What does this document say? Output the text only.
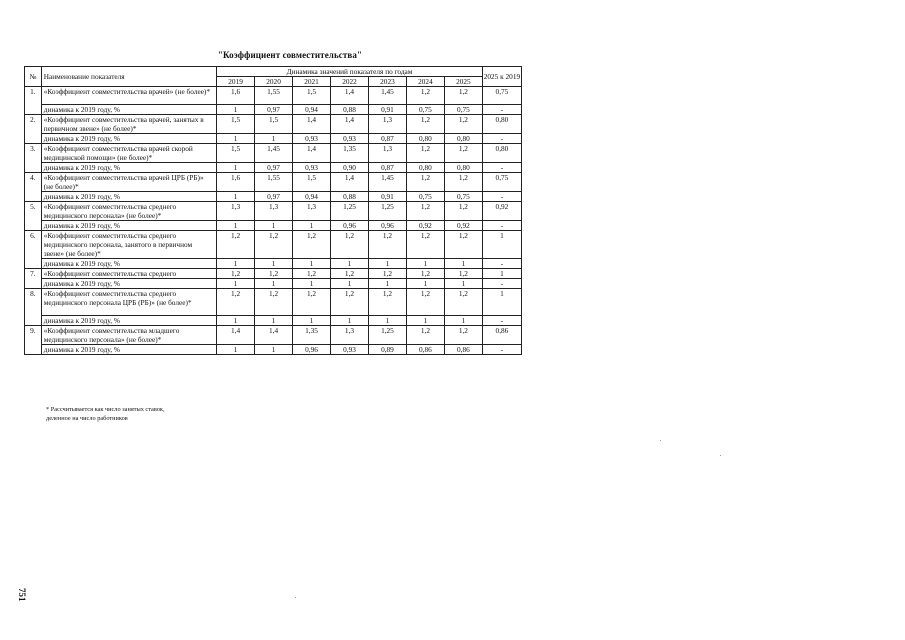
"Коэффициент совместительства"
№	Наименование показателя	Динамика значений показателя по годам							2025 к 2019
		2019	2020	2021	2022	2023	2024	2025	
1.	«Коэффициент совместительства врачей» (не более)*	1,6	1,55	1,5	1,4	1,45	1,2	1,2	0,75
	динамика к 2019 году, %	1	0,97	0,94	0,88	0,91	0,75	0,75	-
2.	«Коэффициент совместительства врачей, занятых в первичном звене» (не более)*	1,5	1,5	1,4	1,4	1,3	1,2	1,2	0,80
	динамика к 2019 году, %	1	1	0,93	0,93	0,87	0,80	0,80	-
3.	«Коэффициент совместительства врачей скорой медицинской помощи» (не более)*	1,5	1,45	1,4	1,35	1,3	1,2	1,2	0,80
	динамика к 2019 году, %	1	0,97	0,93	0,90	0,87	0,80	0,80	-
4.	«Коэффициент совместительства врачей ЦРБ (РБ)» (не более)*	1,6	1,55	1,5	1,4	1,45	1,2	1,2	0,75
	динамика к 2019 году, %	1	0,97	0,94	0,88	0,91	0,75	0,75	-
5.	«Коэффициент совместительства среднего медицинского персонала» (не более)*	1,3	1,3	1,3	1,25	1,25	1,2	1,2	0,92
	динамика к 2019 году, %	1	1	1	0,96	0,96	0,92	0,92	-
6.	«Коэффициент совместительства среднего медицинского персонала, занятого в первичном звене» (не более)*	1,2	1,2	1,2	1,2	1,2	1,2	1,2	1
	динамика к 2019 году, %	1	1	1	1	1	1	1	-
7.	«Коэффициент совместительства среднего	1,2	1,2	1,2	1,2	1,2	1,2	1,2	1
	динамика к 2019 году, %	1	1	1	1	1	1	1	-
8.	«Коэффициент совместительства среднего медицинского персонала ЦРБ (РБ)» (не более)*	1,2	1,2	1,2	1,2	1,2	1,2	1,2	1
	динамика к 2019 году, %	1	1	1	1	1	1	1	-
9.	«Коэффициент совместительства младшего медицинского персонала» (не более)*	1,4	1,4	1,35	1,3	1,25	1,2	1,2	0,86
	динамика к 2019 году, %	1	1	0,96	0,93	0,89	0,86	0,86	-
* Рассчитывается как число занятых ставок,
деленное на число работников
751
